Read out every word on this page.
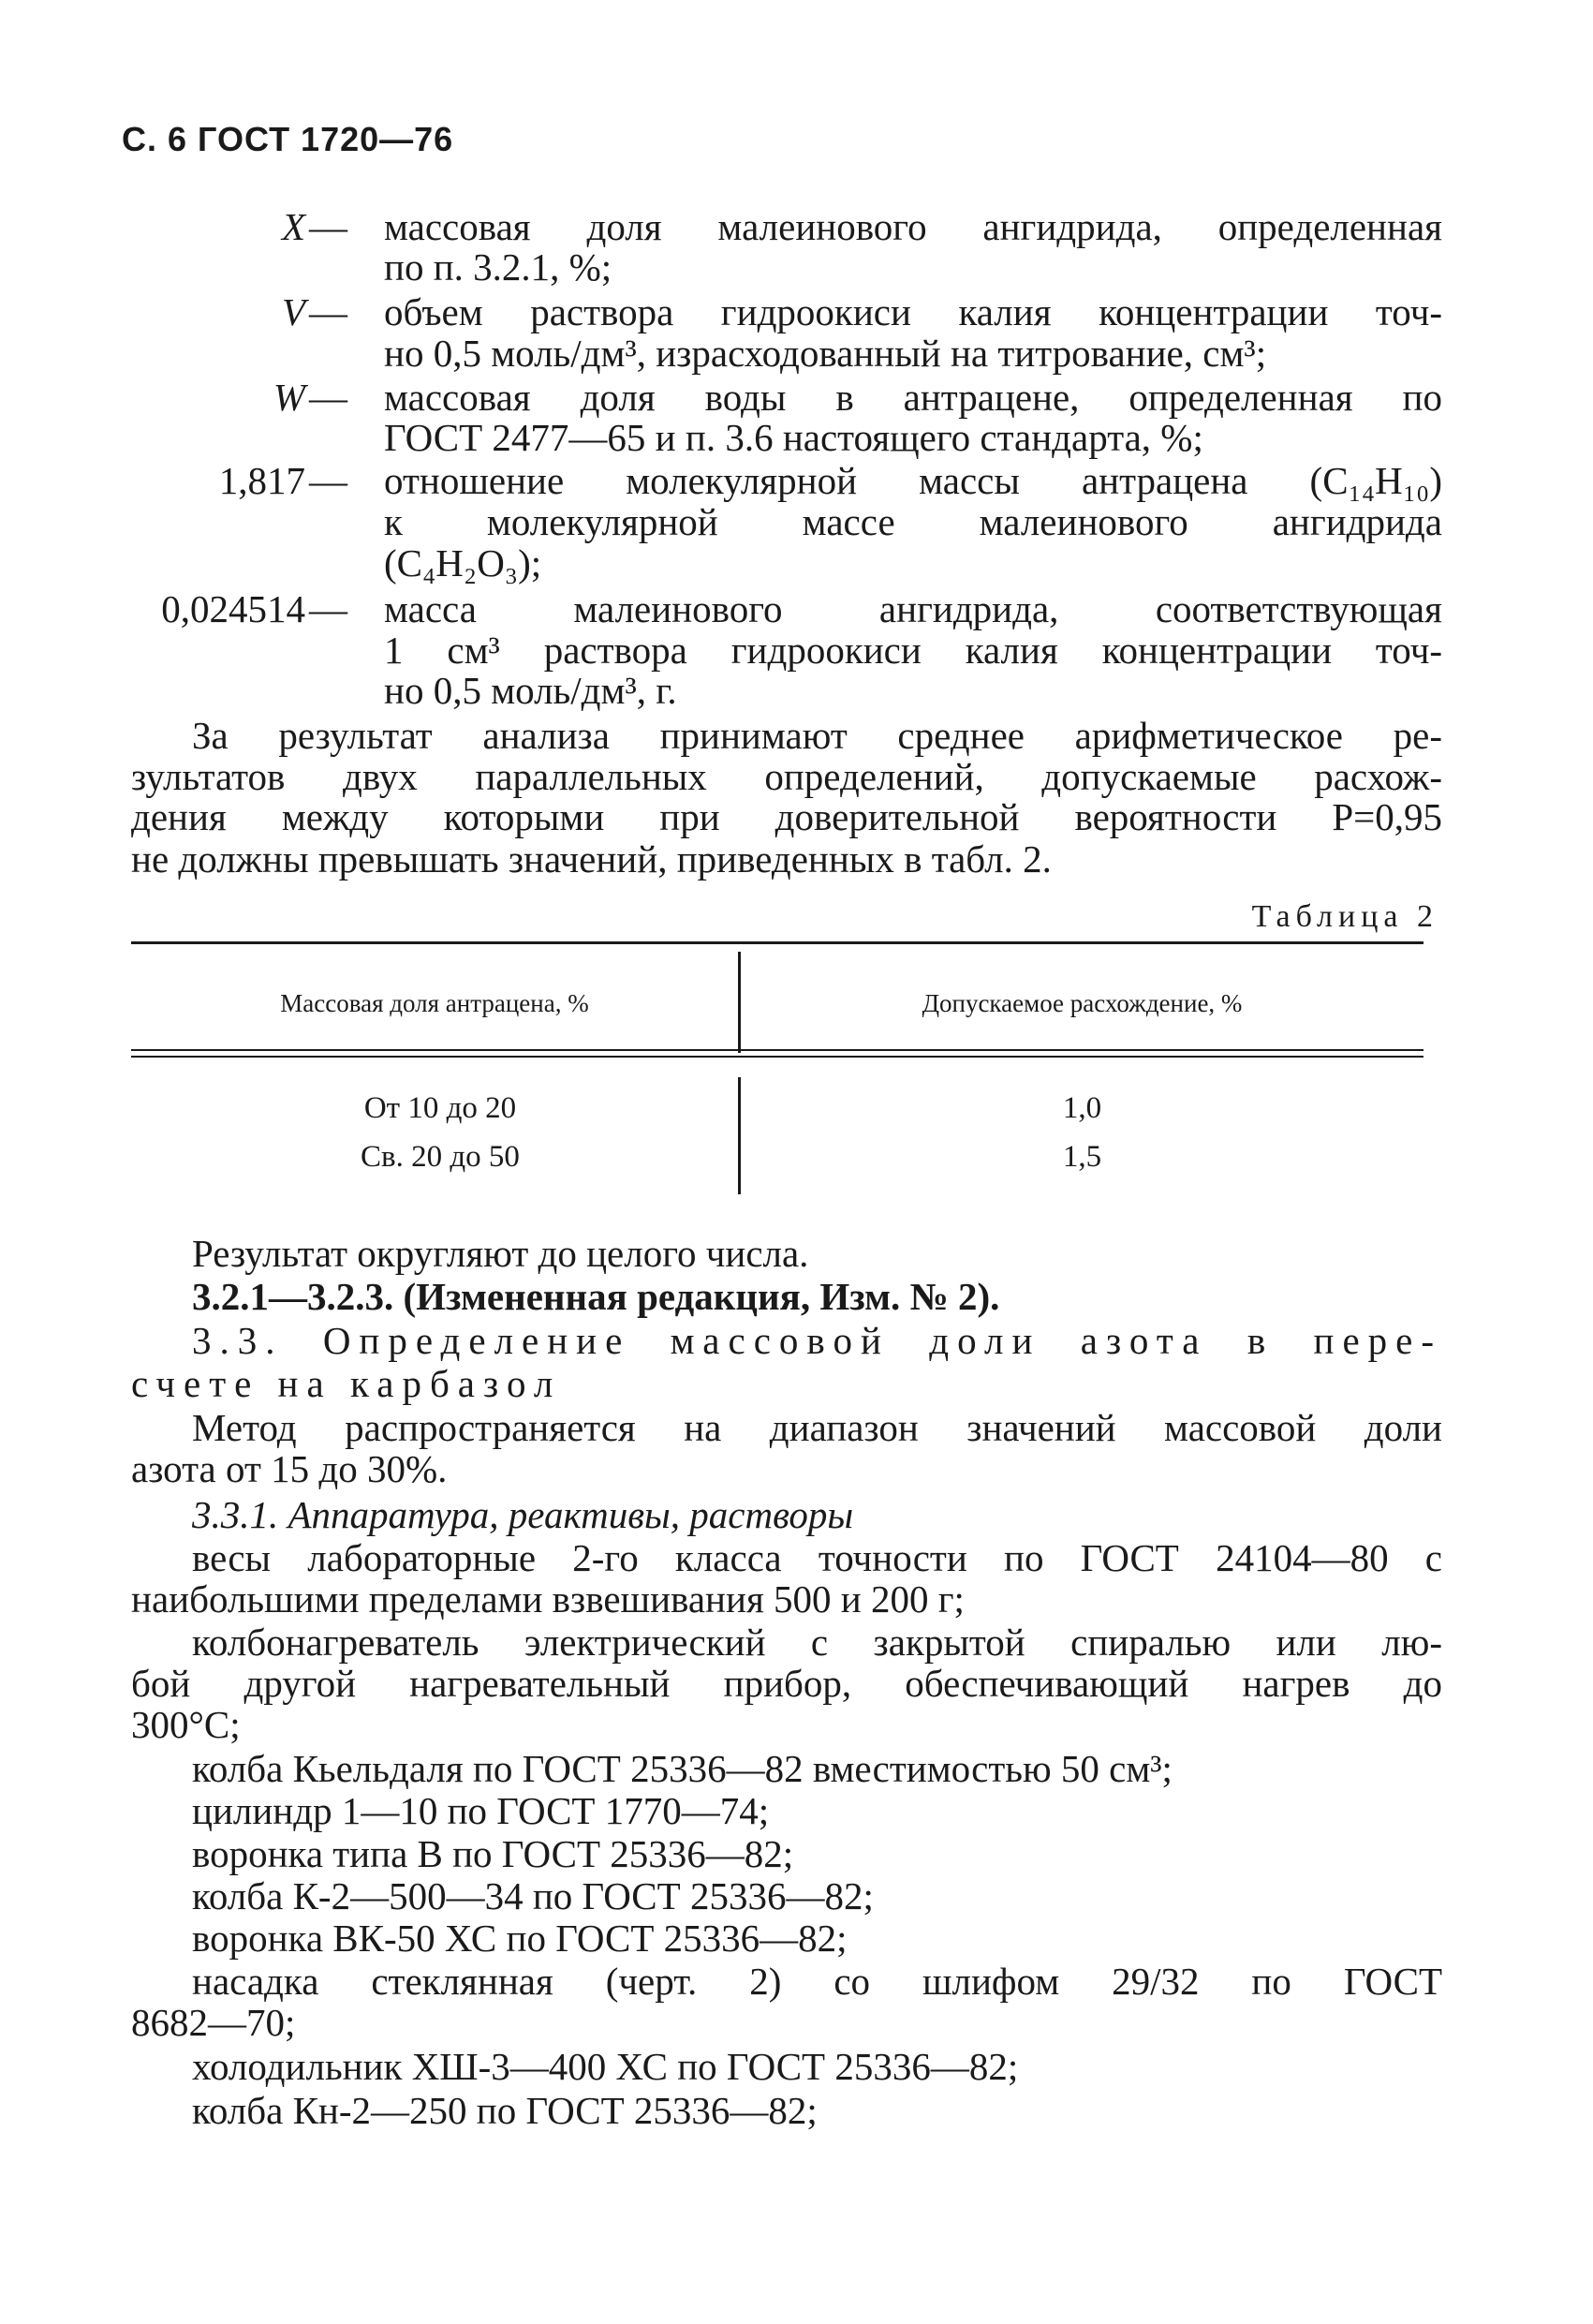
С. 6 ГОСТ 1720—76
X — массовая доля малеинового ангидрида, определенная
по п. 3.2.1, %;
V — объем раствора гидроокиси калия концентрации точ-
но 0,5 моль/дм³, израсходованный на титрование, см³;
W — массовая доля воды в антрацене, определенная по
ГОСТ 2477—65 и п. 3.6 настоящего стандарта, %;
1,817 — отношение молекулярной массы антрацена (C₁₄H₁₀)
к молекулярной массе малеинового ангидрида
(C₄H₂O₃);
0,024514 — масса малеинового ангидрида, соответствующая
1 см³ раствора гидроокиси калия концентрации точ-
но 0,5 моль/дм³, г.
За результат анализа принимают среднее арифметическое ре-
зультатов двух параллельных определений, допускаемые расхож-
дения между которыми при доверительной вероятности P=0,95
не должны превышать значений, приведенных в табл. 2.
Таблица 2
Массовая доля антрацена, %	Допускаемое расхождение, %
От 10 до 20	1,0
Св. 20 до 50	1,5
Результат округляют до целого числа.
3.2.1—3.2.3. (Измененная редакция, Изм. № 2).
3.3. Определение массовой доли азота в пере-
счете на карбазол
Метод распространяется на диапазон значений массовой доли
азота от 15 до 30%.
3.3.1. Аппаратура, реактивы, растворы
весы лабораторные 2-го класса точности по ГОСТ 24104—80 с
наибольшими пределами взвешивания 500 и 200 г;
колбонагреватель электрический с закрытой спиралью или лю-
бой другой нагревательный прибор, обеспечивающий нагрев до
300°С;
колба Кьельдаля по ГОСТ 25336—82 вместимостью 50 см³;
цилиндр 1—10 по ГОСТ 1770—74;
воронка типа В по ГОСТ 25336—82;
колба К-2—500—34 по ГОСТ 25336—82;
воронка ВК-50 ХС по ГОСТ 25336—82;
насадка стеклянная (черт. 2) со шлифом 29/32 по ГОСТ
8682—70;
холодильник ХШ-3—400 ХС по ГОСТ 25336—82;
колба Кн-2—250 по ГОСТ 25336—82;
